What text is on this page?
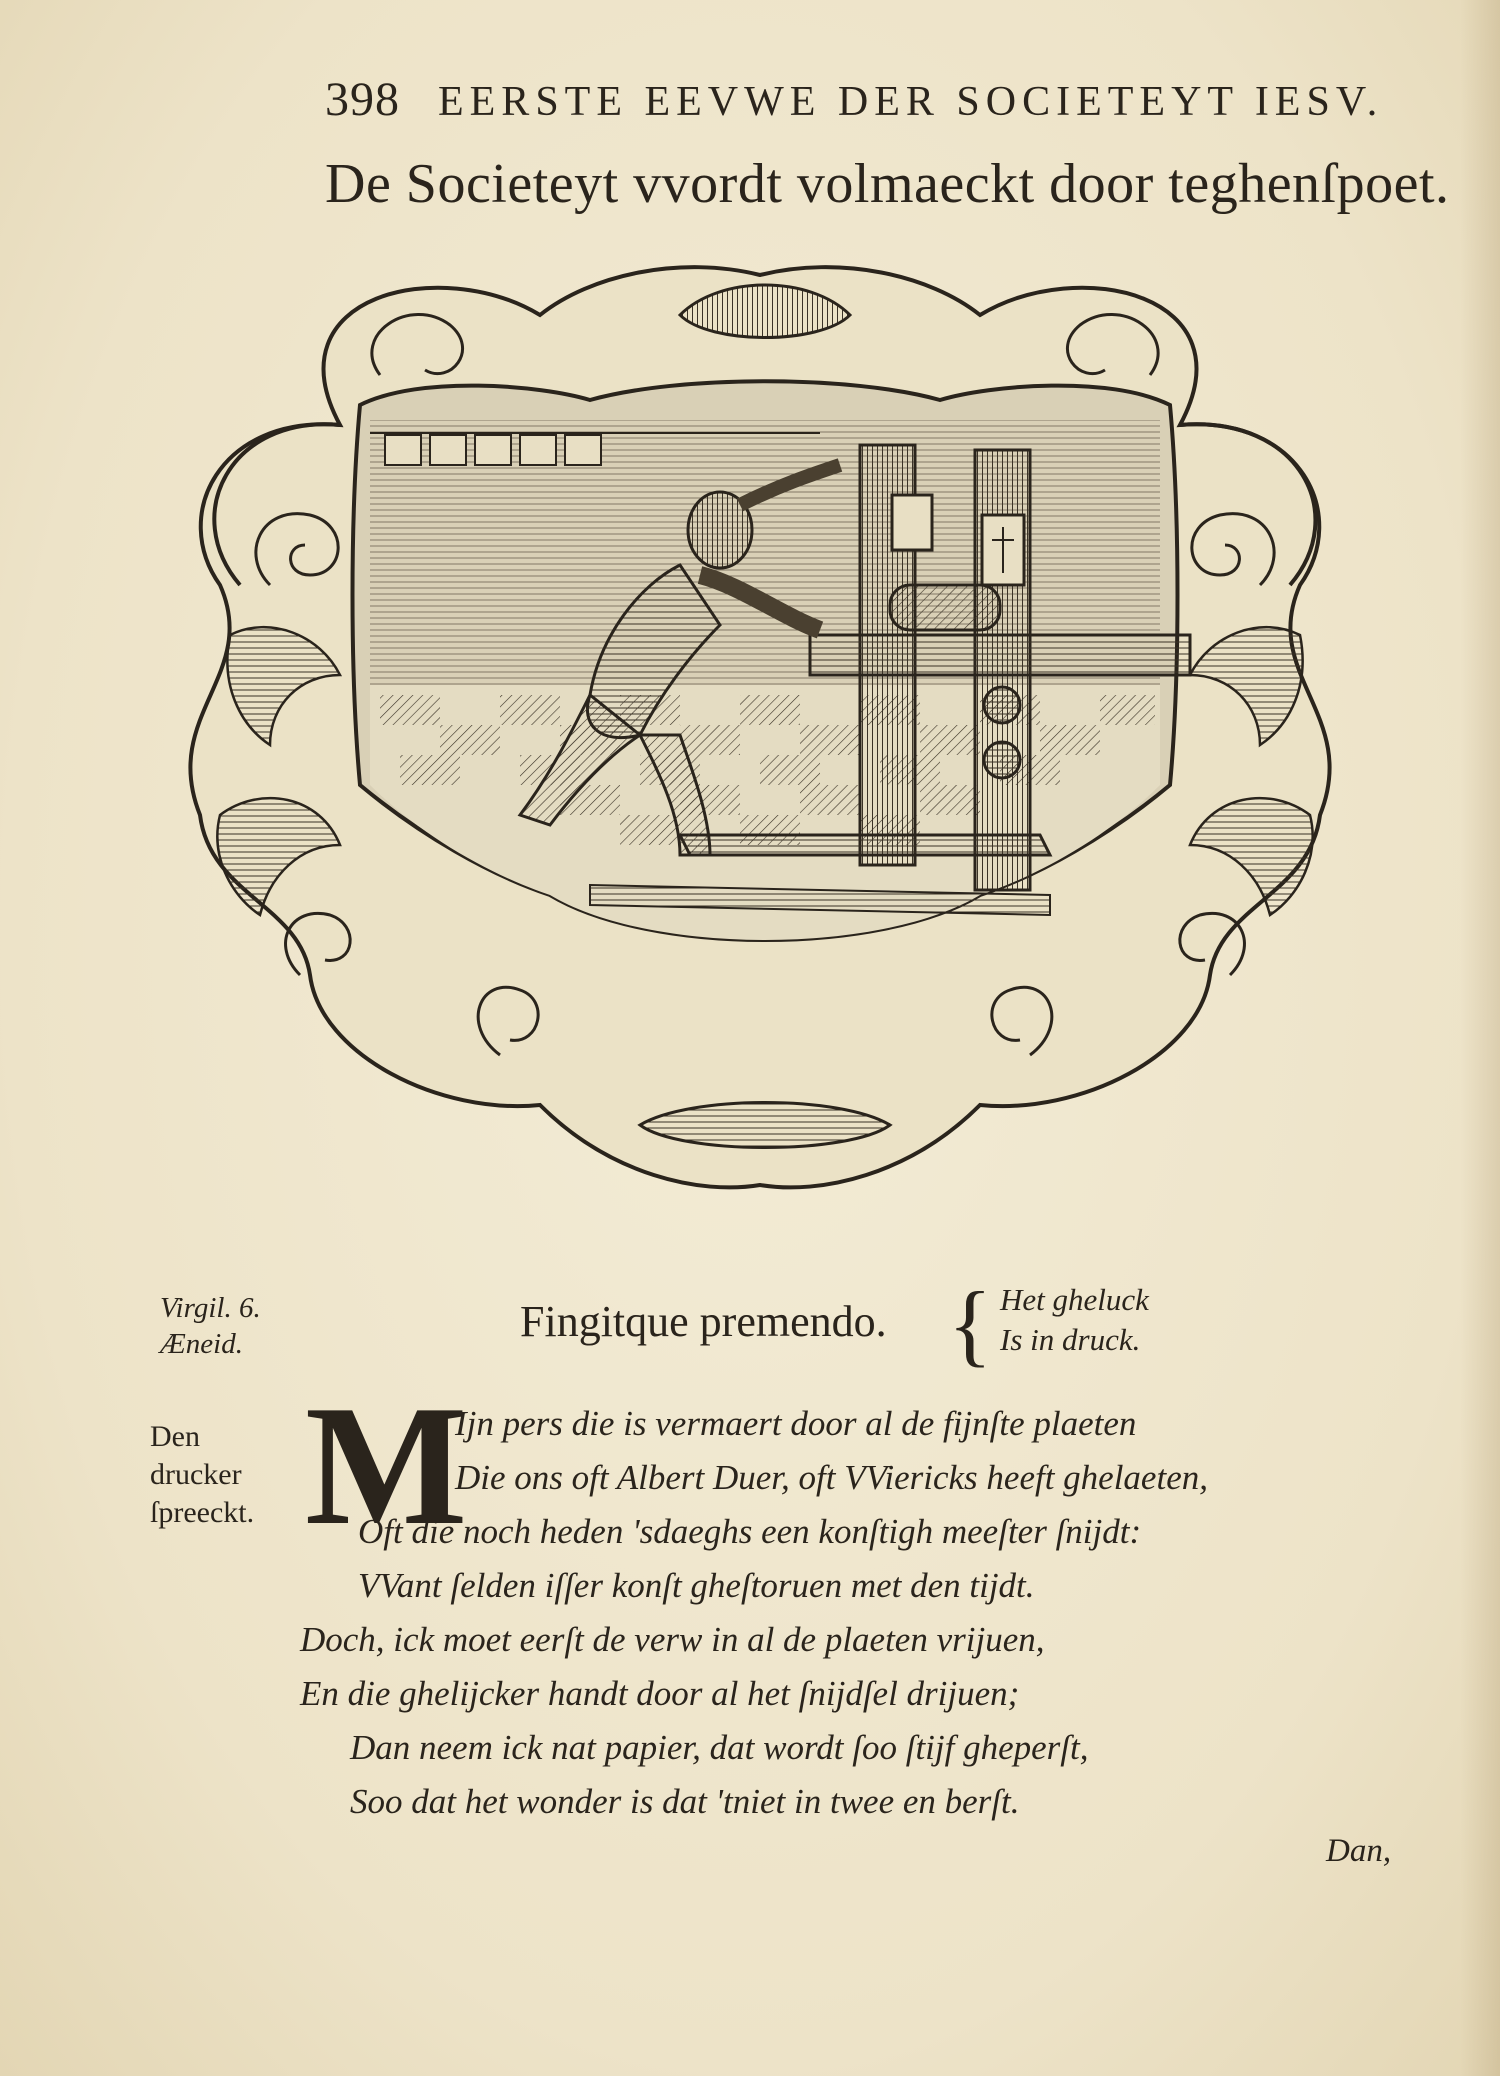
398 EERSTE EEVWE DER SOCIETEYT IESV.
De Societeyt vvordt volmaeckt door teghenſpoet.
Virgil. 6.
Æneid.	Fingitque premendo. { Het gheluck
Is in druck.
Den
drucker
ſpreeckt. M
Ijn pers die is vermaert door al de fijnſte plaeten
Die ons oft Albert Duer, oft VViericks heeft ghelaeten,
Oft die noch heden 'sdaeghs een konſtigh meeſter ſnijdt:
VVant ſelden iſſer konſt gheſtoruen met den tijdt.
Doch, ick moet eerſt de verw in al de plaeten vrijuen,
En die ghelijcker handt door al het ſnijdſel drijuen;
Dan neem ick nat papier, dat wordt ſoo ſtijf gheperſt,
Soo dat het wonder is dat 'tniet in twee en berſt.
Dan,
